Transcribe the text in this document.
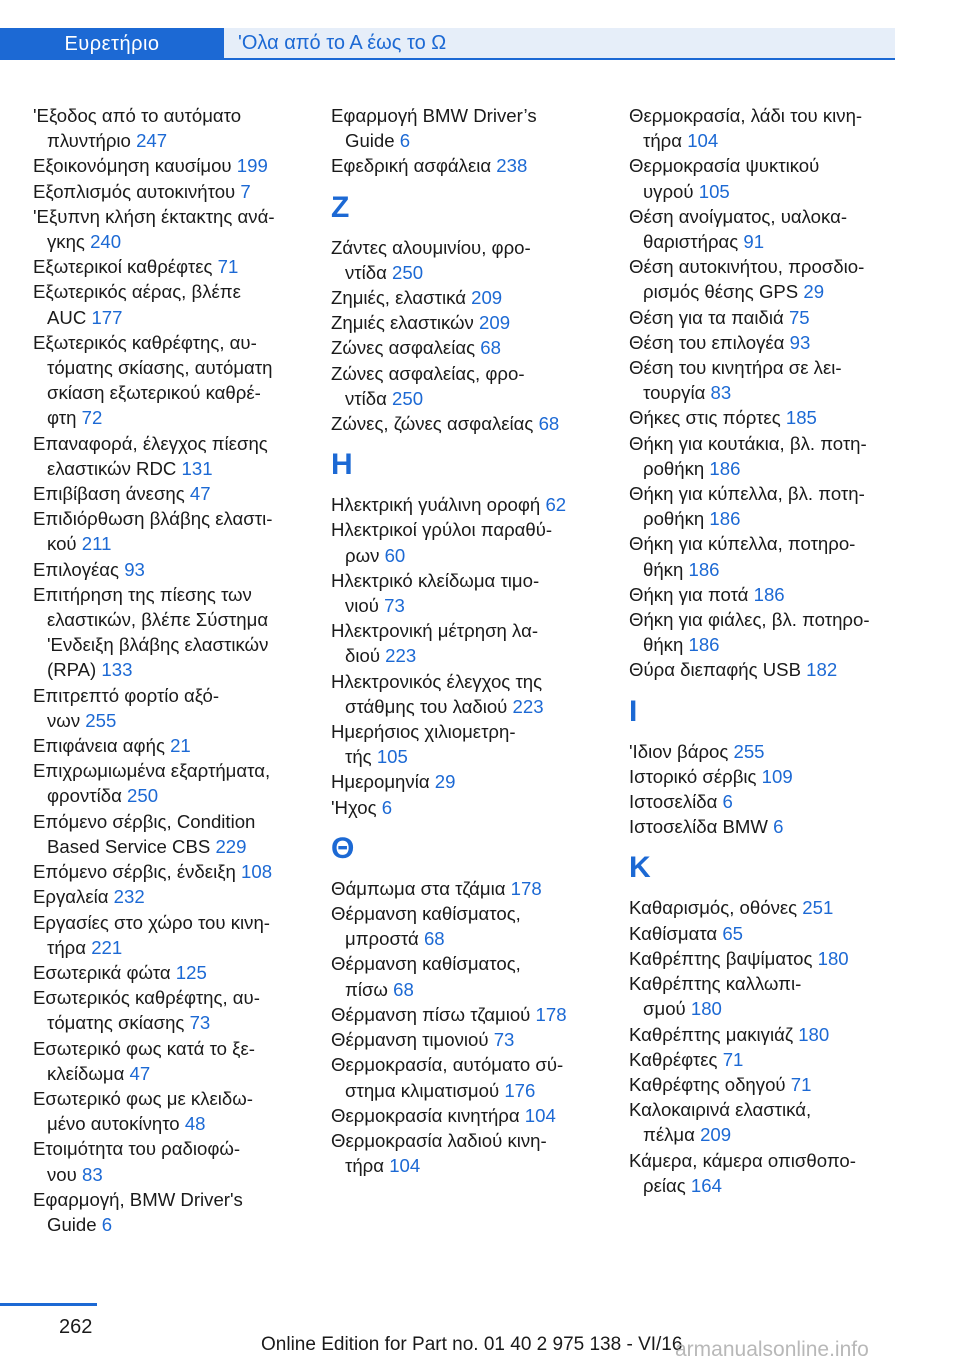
Ευρετήριο	'Ολα από το Α έως το Ω
'Εξοδος από το αυτόματο
πλυντήριο 247
Εξοικονόμηση καυσίμου 199
Εξοπλισμός αυτοκινήτου 7
'Εξυπνη κλήση έκτακτης ανά-
γκης 240
Εξωτερικοί καθρέφτες 71
Εξωτερικός αέρας, βλέπε
AUC 177
Εξωτερικός καθρέφτης, αυ-
τόματης σκίασης, αυτόματη
σκίαση εξωτερικού καθρέ-
φτη 72
Επαναφορά, έλεγχος πίεσης
ελαστικών RDC 131
Επιβίβαση άνεσης 47
Επιδιόρθωση βλάβης ελαστι-
κού 211
Επιλογέας 93
Επιτήρηση της πίεσης των
ελαστικών, βλέπε Σύστημα
'Ενδειξη βλάβης ελαστικών
(RPA) 133
Επιτρεπτό φορτίο αξό-
νων 255
Επιφάνεια αφής 21
Επιχρωμιωμένα εξαρτήματα,
φροντίδα 250
Επόμενο σέρβις, Condition
Based Service CBS 229
Επόμενο σέρβις, ένδειξη 108
Εργαλεία 232
Εργασίες στο χώρο του κινη-
τήρα 221
Εσωτερικά φώτα 125
Εσωτερικός καθρέφτης, αυ-
τόματης σκίασης 73
Εσωτερικό φως κατά το ξε-
κλείδωμα 47
Εσωτερικό φως με κλειδω-
μένο αυτοκίνητο 48
Ετοιμότητα του ραδιοφώ-
νου 83
Εφαρμογή, BMW Driver's
Guide 6
Εφαρμογή BMW Driver’s
Guide 6
Εφεδρική ασφάλεια 238
Ζ
Ζάντες αλουμινίου, φρο-
ντίδα 250
Ζημιές, ελαστικά 209
Ζημιές ελαστικών 209
Ζώνες ασφαλείας 68
Ζώνες ασφαλείας, φρο-
ντίδα 250
Ζώνες, ζώνες ασφαλείας 68
Η
Ηλεκτρική γυάλινη οροφή 62
Ηλεκτρικοί γρύλοι παραθύ-
ρων 60
Ηλεκτρικό κλείδωμα τιμο-
νιού 73
Ηλεκτρονική μέτρηση λα-
διού 223
Ηλεκτρονικός έλεγχος της
στάθμης του λαδιού 223
Ημερήσιος χιλιομετρη-
τής 105
Ημερομηνία 29
'Ηχος 6
Θ
Θάμπωμα στα τζάμια 178
Θέρμανση καθίσματος,
μπροστά 68
Θέρμανση καθίσματος,
πίσω 68
Θέρμανση πίσω τζαμιού 178
Θέρμανση τιμονιού 73
Θερμοκρασία, αυτόματο σύ-
στημα κλιματισμού 176
Θερμοκρασία κινητήρα 104
Θερμοκρασία λαδιού κινη-
τήρα 104
Θερμοκρασία, λάδι του κινη-
τήρα 104
Θερμοκρασία ψυκτικού
υγρού 105
Θέση ανοίγματος, υαλοκα-
θαριστήρας 91
Θέση αυτοκινήτου, προσδιο-
ρισμός θέσης GPS 29
Θέση για τα παιδιά 75
Θέση του επιλογέα 93
Θέση του κινητήρα σε λει-
τουργία 83
Θήκες στις πόρτες 185
Θήκη για κουτάκια, βλ. ποτη-
ροθήκη 186
Θήκη για κύπελλα, βλ. ποτη-
ροθήκη 186
Θήκη για κύπελλα, ποτηρο-
θήκη 186
Θήκη για ποτά 186
Θήκη για φιάλες, βλ. ποτηρο-
θήκη 186
Θύρα διεπαφής USB 182
Ι
'Ιδιον βάρος 255
Ιστορικό σέρβις 109
Ιστοσελίδα 6
Ιστοσελίδα BMW 6
Κ
Καθαρισμός, οθόνες 251
Καθίσματα 65
Καθρέπτης βαψίματος 180
Καθρέπτης καλλωπι-
σμού 180
Καθρέπτης μακιγιάζ 180
Καθρέφτες 71
Καθρέφτης οδηγού 71
Καλοκαιρινά ελαστικά,
πέλμα 209
Κάμερα, κάμερα οπισθοπο-
ρείας 164
262
Online Edition for Part no. 01 40 2 975 138 - VI/16
armanualsonline.info
